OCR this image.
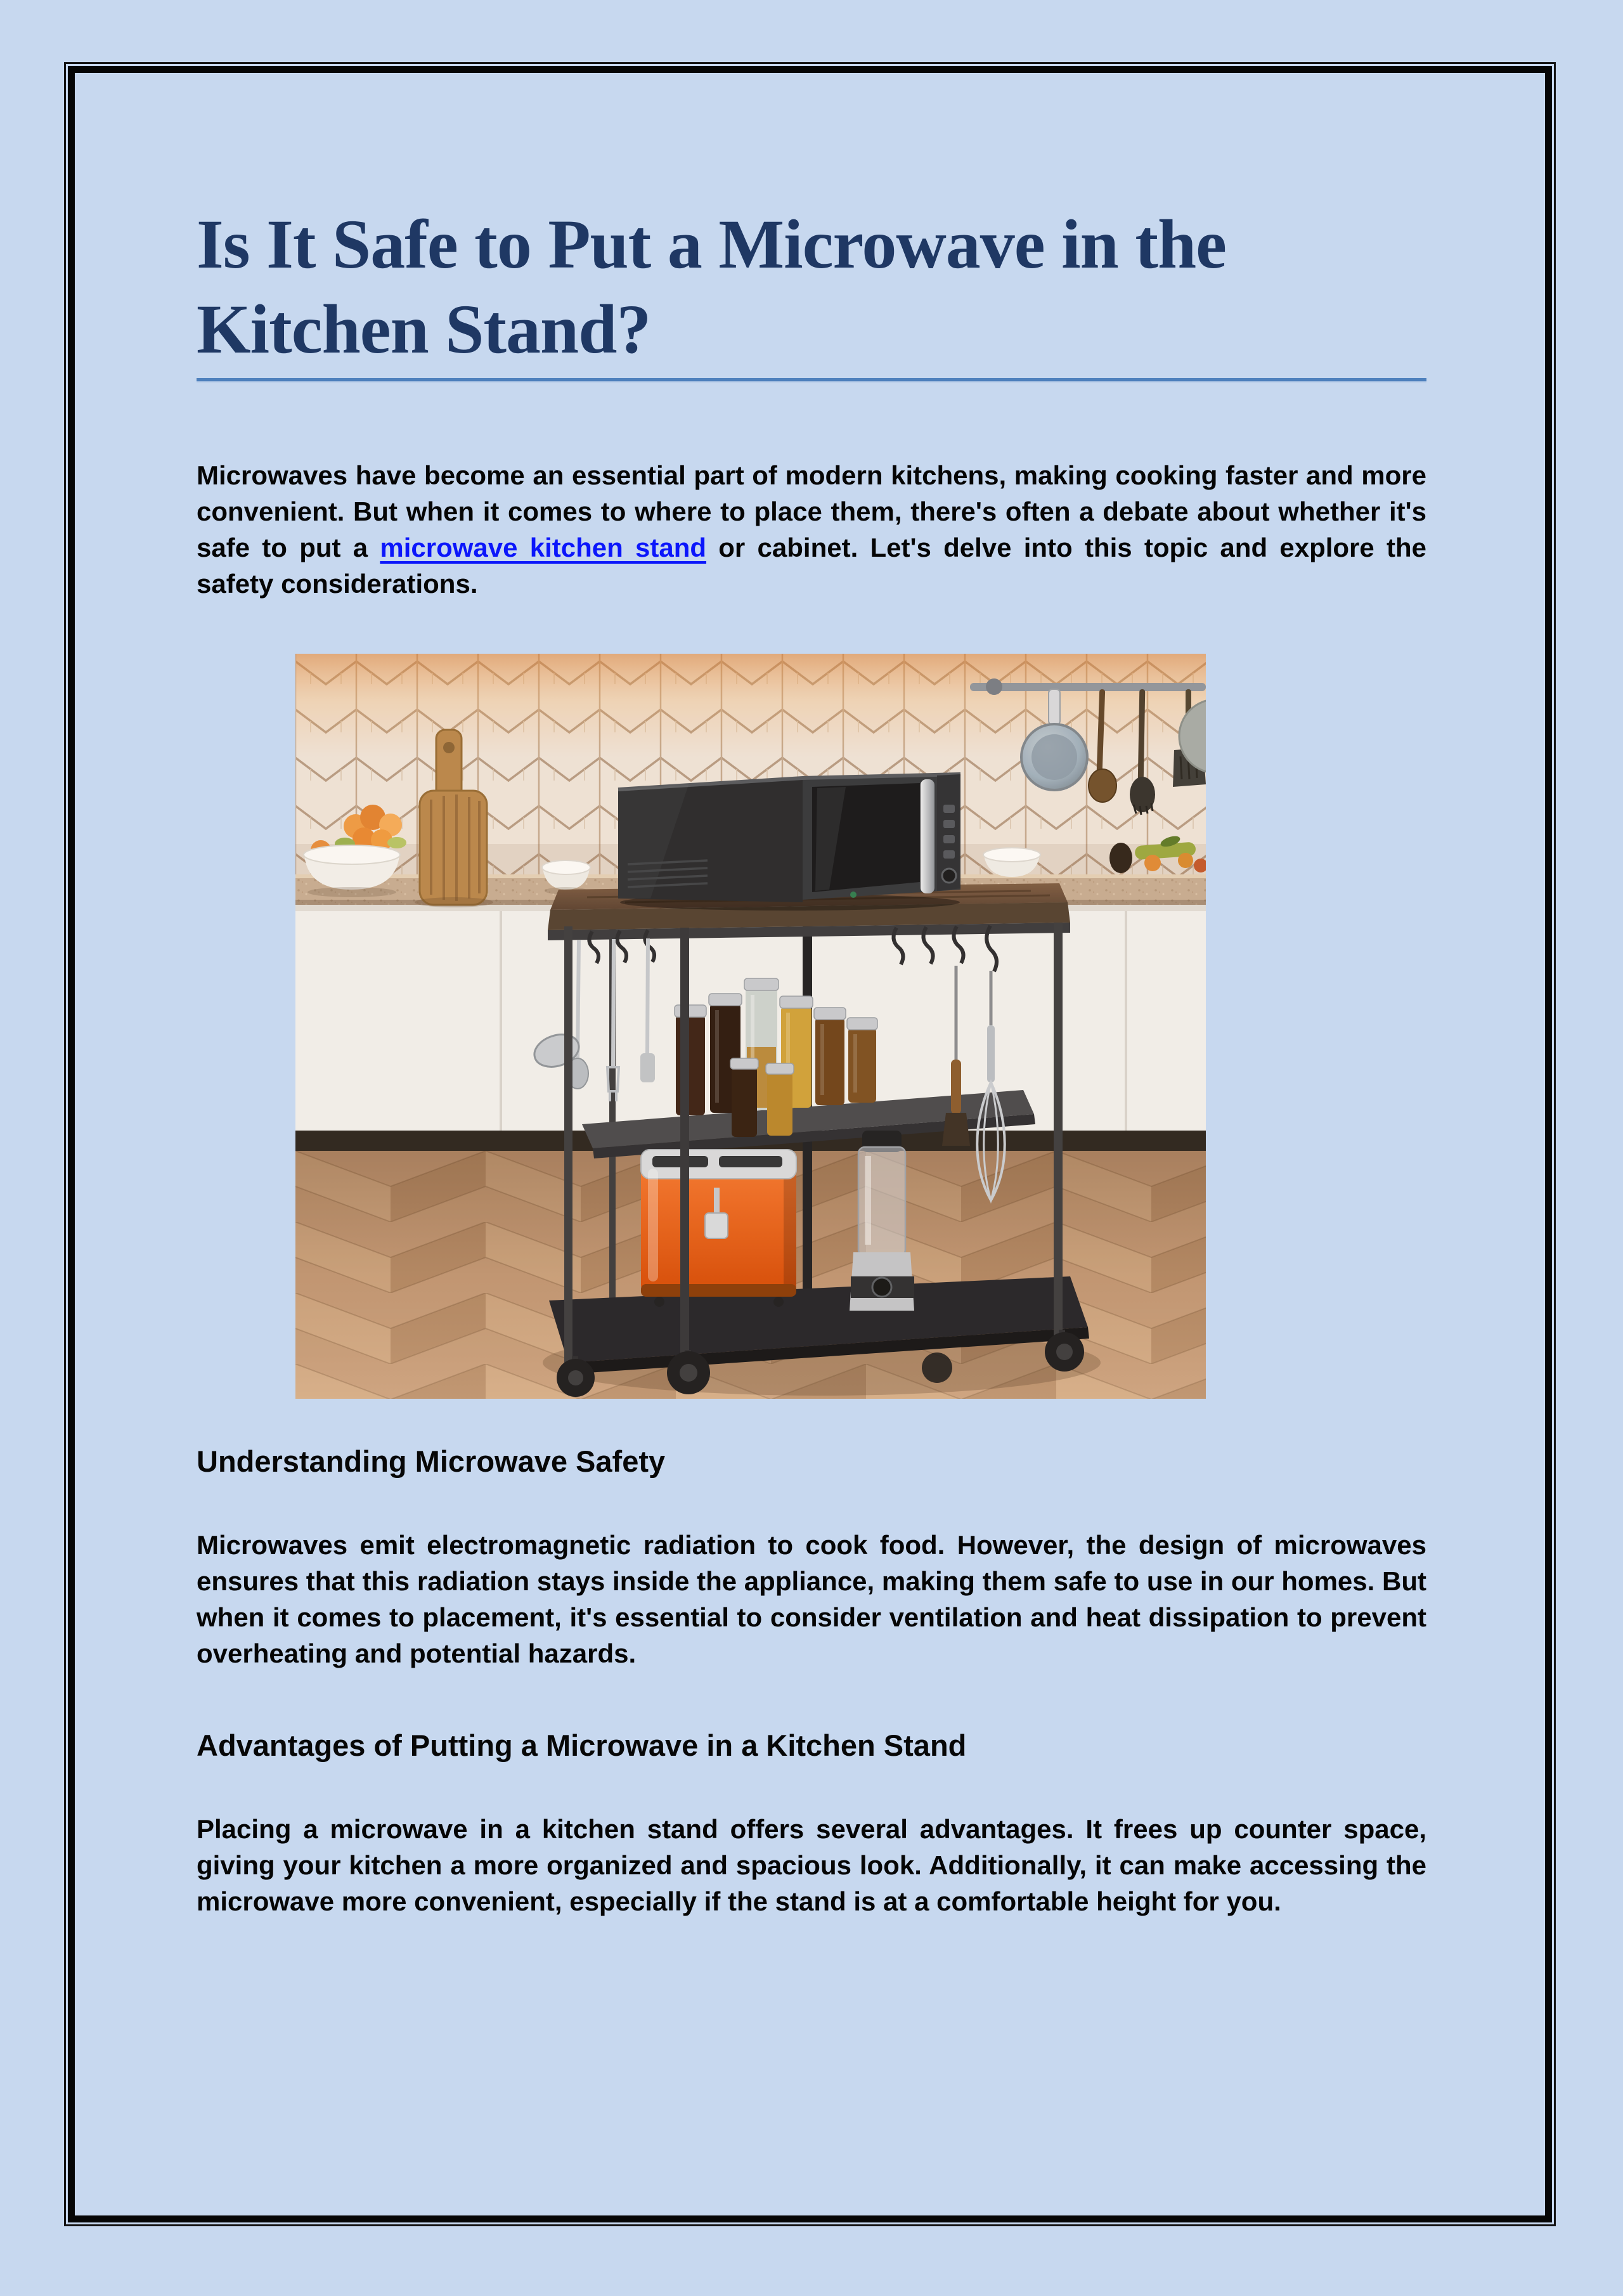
Is It Safe to Put a Microwave in the Kitchen Stand?

Microwaves have become an essential part of modern kitchens, making cooking faster and more convenient. But when it comes to where to place them, there's often a debate about whether it's safe to put a microwave kitchen stand or cabinet. Let's delve into this topic and explore the safety considerations.

Understanding Microwave Safety

Microwaves emit electromagnetic radiation to cook food. However, the design of microwaves ensures that this radiation stays inside the appliance, making them safe to use in our homes. But when it comes to placement, it's essential to consider ventilation and heat dissipation to prevent overheating and potential hazards.

Advantages of Putting a Microwave in a Kitchen Stand

Placing a microwave in a kitchen stand offers several advantages. It frees up counter space, giving your kitchen a more organized and spacious look. Additionally, it can make accessing the microwave more convenient, especially if the stand is at a comfortable height for you.
